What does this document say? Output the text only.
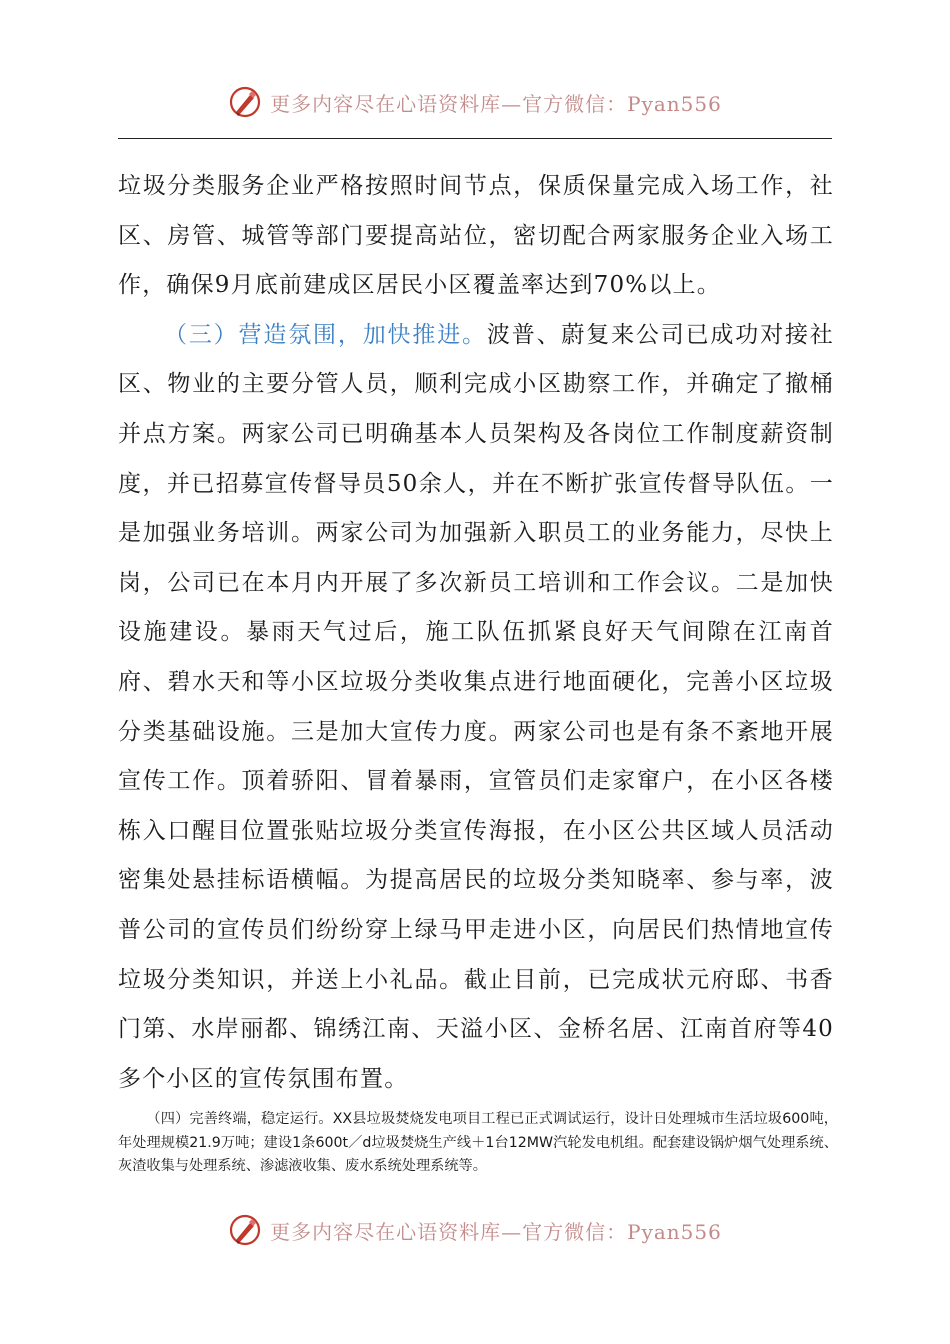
更多内容尽在心语资料库—官方微信：Pyan556

垃圾分类服务企业严格按照时间节点，保质保量完成入场工作，社区、房管、城管等部门要提高站位，密切配合两家服务企业入场工作，确保9月底前建成区居民小区覆盖率达到70%以上。

（三）营造氛围，加快推进。波普、蔚复来公司已成功对接社区、物业的主要分管人员，顺利完成小区勘察工作，并确定了撤桶并点方案。两家公司已明确基本人员架构及各岗位工作制度薪资制度，并已招募宣传督导员50余人，并在不断扩张宣传督导队伍。一是加强业务培训。两家公司为加强新入职员工的业务能力，尽快上岗，公司已在本月内开展了多次新员工培训和工作会议。二是加快设施建设。暴雨天气过后，施工队伍抓紧良好天气间隙在江南首府、碧水天和等小区垃圾分类收集点进行地面硬化，完善小区垃圾分类基础设施。三是加大宣传力度。两家公司也是有条不紊地开展宣传工作。顶着骄阳、冒着暴雨，宣管员们走家窜户，在小区各楼栋入口醒目位置张贴垃圾分类宣传海报，在小区公共区域人员活动密集处悬挂标语横幅。为提高居民的垃圾分类知晓率、参与率，波普公司的宣传员们纷纷穿上绿马甲走进小区，向居民们热情地宣传垃圾分类知识，并送上小礼品。截止目前，已完成状元府邸、书香门第、水岸丽都、锦绣江南、天溢小区、金桥名居、江南首府等40多个小区的宣传氛围布置。

（四）完善终端，稳定运行。XX县垃圾焚烧发电项目工程已正式调试运行，设计日处理城市生活垃圾600吨，年处理规模21.9万吨；建设1条600t／d垃圾焚烧生产线＋1台12MW汽轮发电机组。配套建设锅炉烟气处理系统、灰渣收集与处理系统、渗滤液收集、废水系统处理系统等。

更多内容尽在心语资料库—官方微信：Pyan556
